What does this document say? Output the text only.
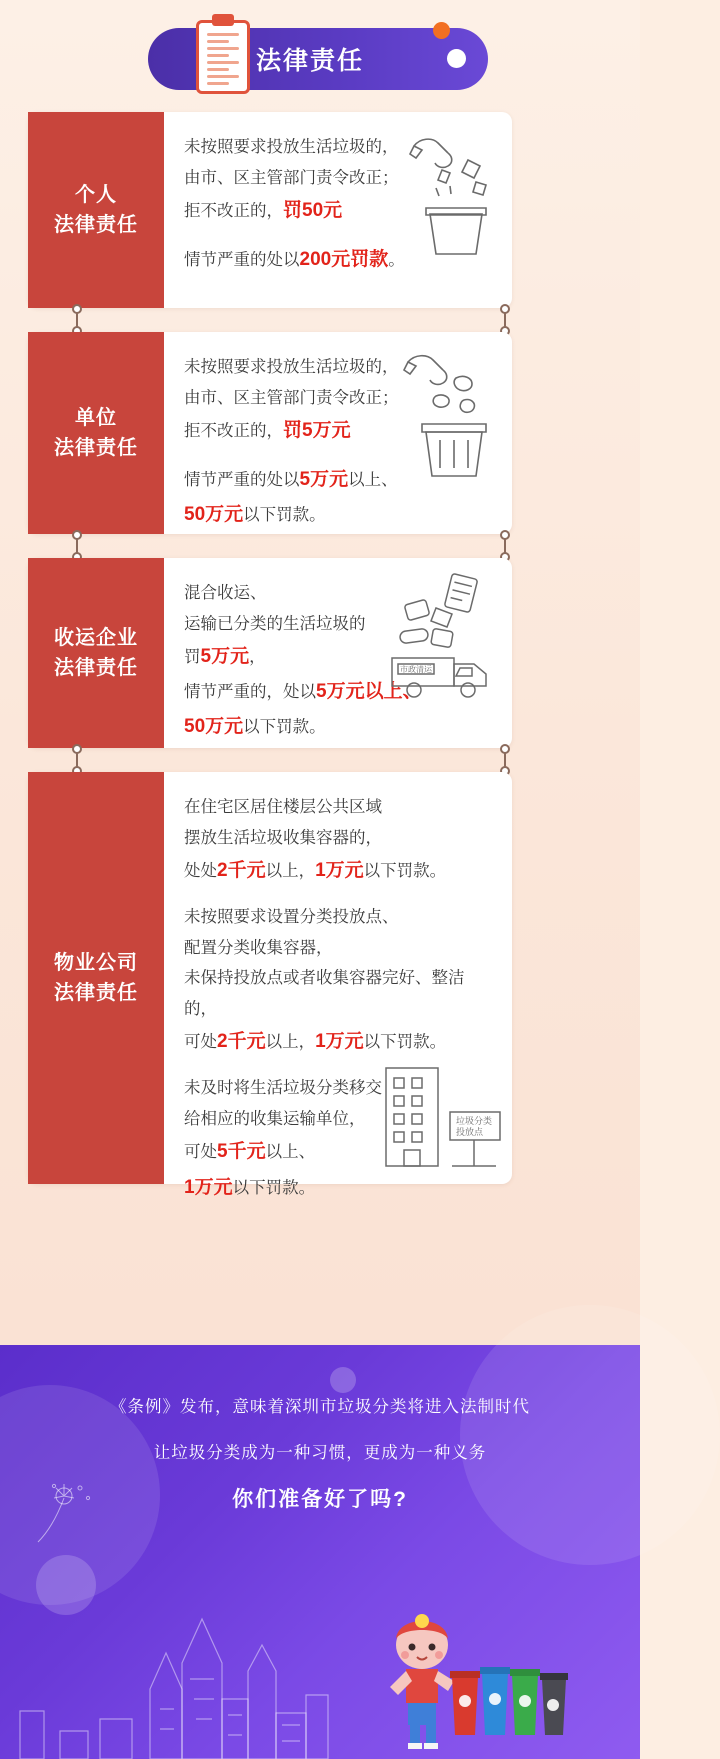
法律责任
个人
法律责任

未按照要求投放生活垃圾的，
由市、区主管部门责令改正；
拒不改正的，罚50元

情节严重的处以200元罚款。

单位
法律责任

未按照要求投放生活垃圾的，
由市、区主管部门责令改正；
拒不改正的，罚5万元

情节严重的处以5万元以上、
50万元以下罚款。

收运企业
法律责任

混合收运、
运输已分类的生活垃圾的
罚5万元，
情节严重的，处以5万元以上、
50万元以下罚款。

市政清运
物业公司
法律责任

在住宅区居住楼层公共区域
摆放生活垃圾收集容器的，
处处2千元以上，1万元以下罚款。

未按照要求设置分类投放点、
配置分类收集容器，
未保持投放点或者收集容器完好、整洁的，
可处2千元以上，1万元以下罚款。

未及时将生活垃圾分类移交
给相应的收集运输单位，
可处5千元以上、
1万元以下罚款。

垃圾分类
投放点
《条例》发布，意味着深圳市垃圾分类将进入法制时代
让垃圾分类成为一种习惯，更成为一种义务
你们准备好了吗?
